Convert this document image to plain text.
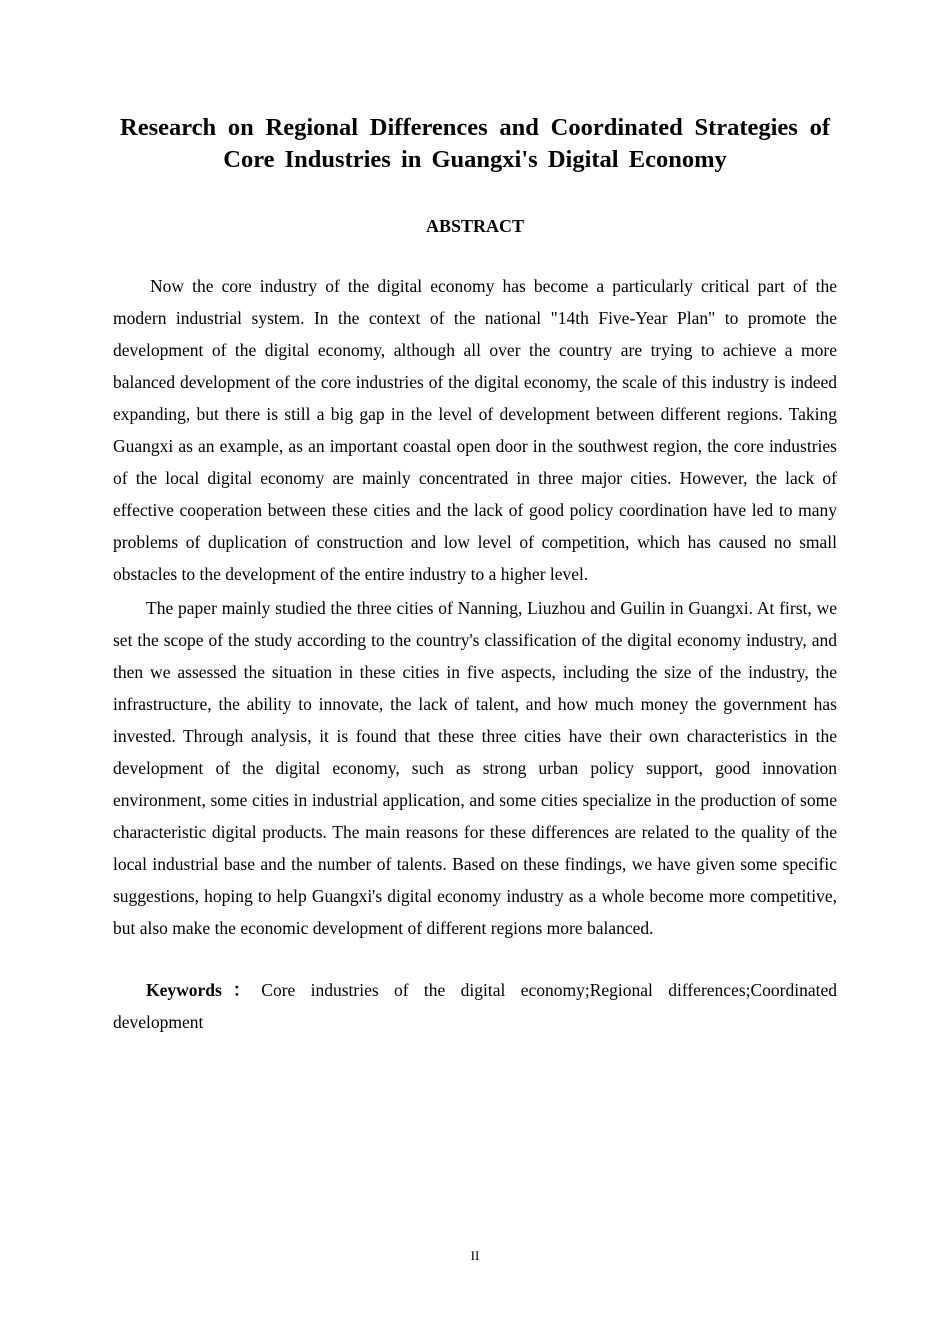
Research on Regional Differences and Coordinated Strategies of Core Industries in Guangxi's Digital Economy
ABSTRACT

Now the core industry of the digital economy has become a particularly critical part of the modern industrial system. In the context of the national "14th Five-Year Plan" to promote the development of the digital economy, although all over the country are trying to achieve a more balanced development of the core industries of the digital economy, the scale of this industry is indeed expanding, but there is still a big gap in the level of development between different regions. Taking Guangxi as an example, as an important coastal open door in the southwest region, the core industries of the local digital economy are mainly concentrated in three major cities. However, the lack of effective cooperation between these cities and the lack of good policy coordination have led to many problems of duplication of construction and low level of competition, which has caused no small obstacles to the development of the entire industry to a higher level.

The paper mainly studied the three cities of Nanning, Liuzhou and Guilin in Guangxi. At first, we set the scope of the study according to the country's classification of the digital economy industry, and then we assessed the situation in these cities in five aspects, including the size of the industry, the infrastructure, the ability to innovate, the lack of talent, and how much money the government has invested. Through analysis, it is found that these three cities have their own characteristics in the development of the digital economy, such as strong urban policy support, good innovation environment, some cities in industrial application, and some cities specialize in the production of some characteristic digital products. The main reasons for these differences are related to the quality of the local industrial base and the number of talents. Based on these findings, we have given some specific suggestions, hoping to help Guangxi's digital economy industry as a whole become more competitive, but also make the economic development of different regions more balanced.

Keywords：Core industries of the digital economy;Regional differences;Coordinated development

II
